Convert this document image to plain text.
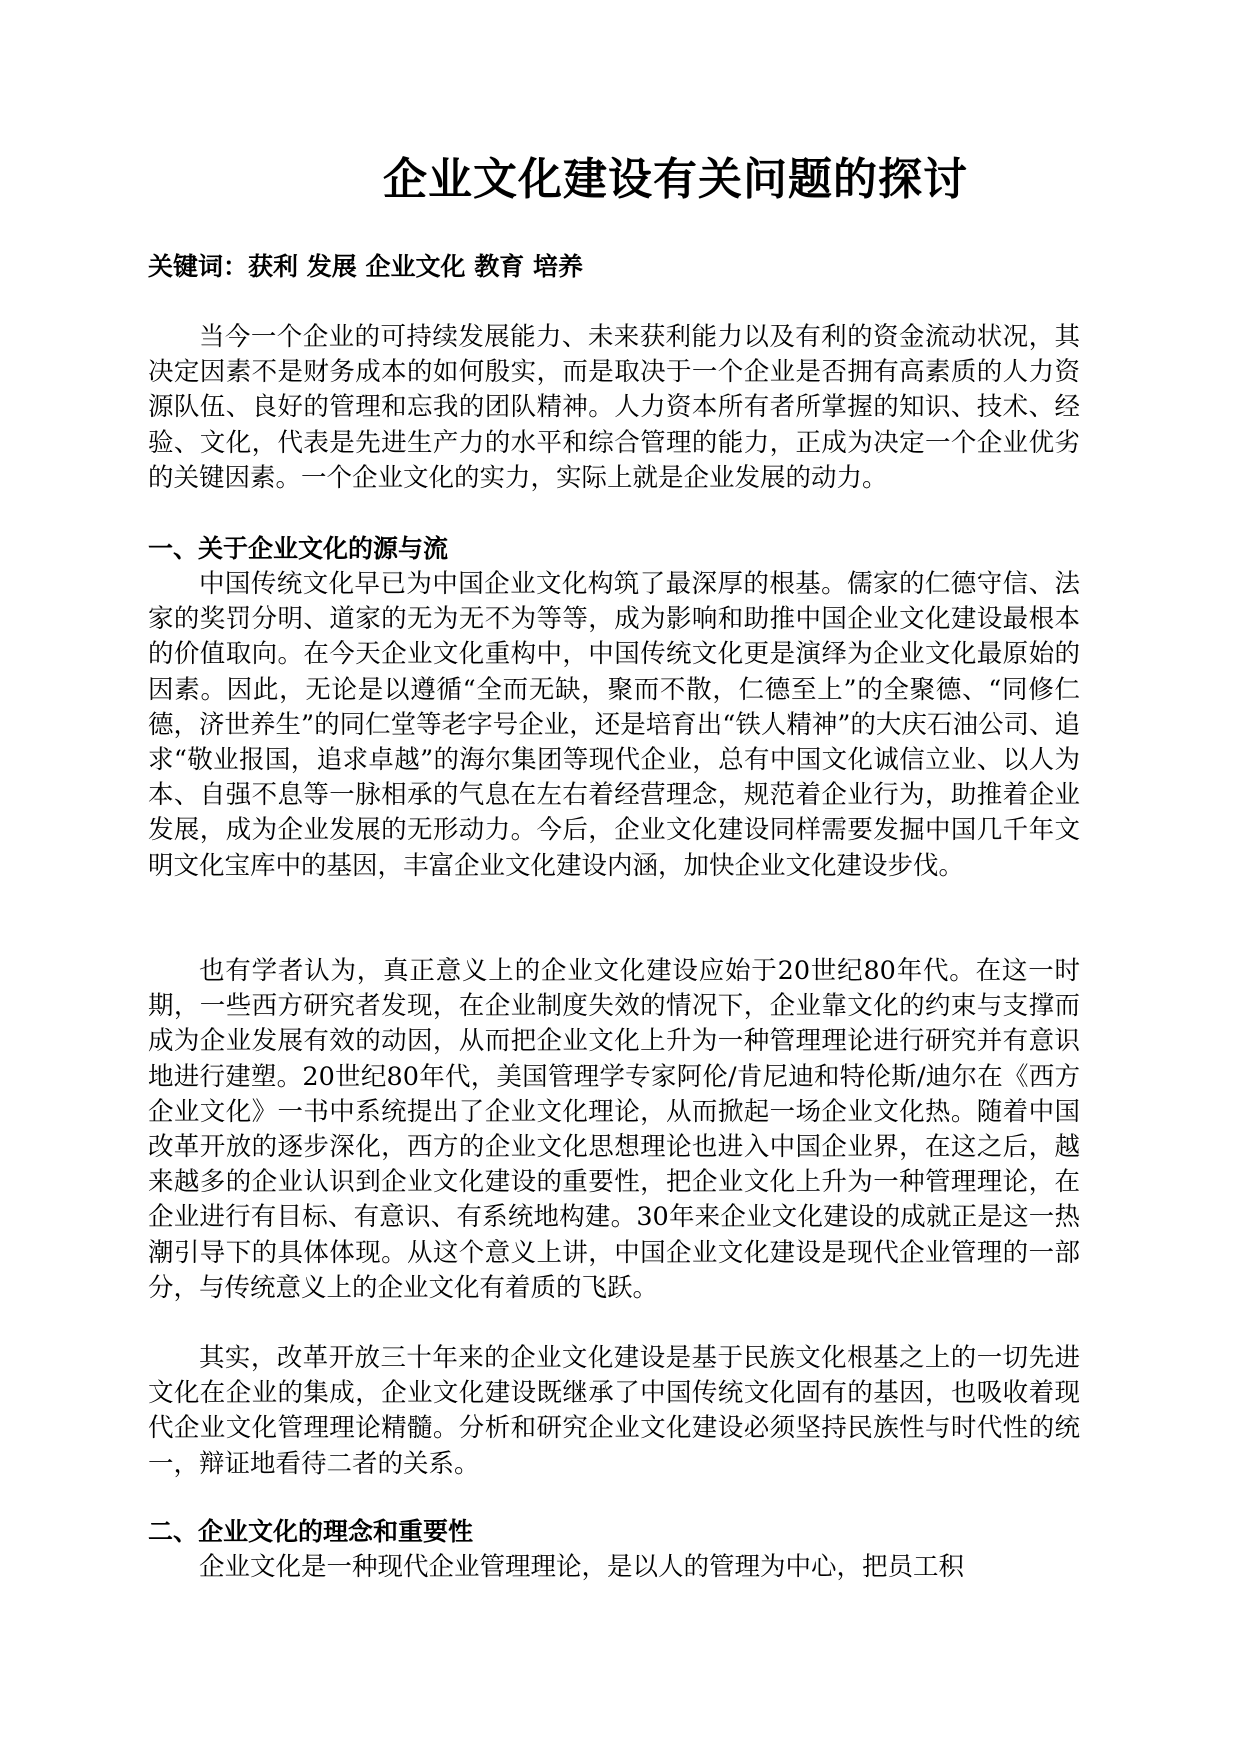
企业文化建设有关问题的探讨
关键词：获利 发展 企业文化 教育 培养

当今一个企业的可持续发展能力、未来获利能力以及有利的资金流动状况，其决定因素不是财务成本的如何殷实，而是取决于一个企业是否拥有高素质的人力资源队伍、良好的管理和忘我的团队精神。人力资本所有者所掌握的知识、技术、经验、文化，代表是先进生产力的水平和综合管理的能力，正成为决定一个企业优劣的关键因素。一个企业文化的实力，实际上就是企业发展的动力。

一、关于企业文化的源与流

中国传统文化早已为中国企业文化构筑了最深厚的根基。儒家的仁德守信、法家的奖罚分明、道家的无为无不为等等，成为影响和助推中国企业文化建设最根本的价值取向。在今天企业文化重构中，中国传统文化更是演绎为企业文化最原始的因素。因此，无论是以遵循“全而无缺，聚而不散，仁德至上”的全聚德、“同修仁德，济世养生”的同仁堂等老字号企业，还是培育出“铁人精神”的大庆石油公司、追求“敬业报国，追求卓越”的海尔集团等现代企业，总有中国文化诚信立业、以人为本、自强不息等一脉相承的气息在左右着经营理念，规范着企业行为，助推着企业发展，成为企业发展的无形动力。今后，企业文化建设同样需要发掘中国几千年文明文化宝库中的基因，丰富企业文化建设内涵，加快企业文化建设步伐。

也有学者认为，真正意义上的企业文化建设应始于20世纪80年代。在这一时期，一些西方研究者发现，在企业制度失效的情况下，企业靠文化的约束与支撑而成为企业发展有效的动因，从而把企业文化上升为一种管理理论进行研究并有意识地进行建塑。20世纪80年代，美国管理学专家阿伦/肯尼迪和特伦斯/迪尔在《西方企业文化》一书中系统提出了企业文化理论，从而掀起一场企业文化热。随着中国改革开放的逐步深化，西方的企业文化思想理论也进入中国企业界，在这之后，越来越多的企业认识到企业文化建设的重要性，把企业文化上升为一种管理理论，在企业进行有目标、有意识、有系统地构建。30年来企业文化建设的成就正是这一热潮引导下的具体体现。从这个意义上讲，中国企业文化建设是现代企业管理的一部分，与传统意义上的企业文化有着质的飞跃。

其实，改革开放三十年来的企业文化建设是基于民族文化根基之上的一切先进文化在企业的集成，企业文化建设既继承了中国传统文化固有的基因，也吸收着现代企业文化管理理论精髓。分析和研究企业文化建设必须坚持民族性与时代性的统一，辩证地看待二者的关系。

二、企业文化的理念和重要性

企业文化是一种现代企业管理理论，是以人的管理为中心，把员工积
